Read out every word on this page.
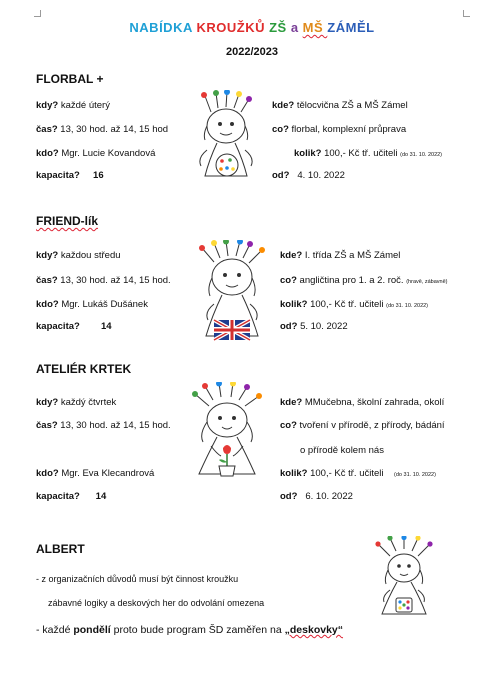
NABÍDKA KROUŽKŮ ZŠ a MŠ ZÁMĚL
2022/2023
FLORBAL +
kdy? každé úterý
čas? 13, 30 hod. až 14, 15 hod
kdo? Mgr. Lucie Kovandová
kapacita? 16
kde? tělocvična ZŠ a MŠ Zámel
co? florbal, komplexní průprava
kolik? 100,- Kč tř. učiteli (do 31. 10. 2022)
od? 4. 10. 2022
FRIEND-lík
kdy? každou středu
čas? 13, 30 hod. až 14, 15 hod.
kdo? Mgr. Lukáš Dušánek
kapacita? 14
kde? I. třída ZŠ a MŠ Zámel
co? angličtina pro 1. a 2. roč. (hravě, zábavně)
kolik? 100,- Kč tř. učiteli (do 31. 10. 2022)
od? 5. 10. 2022
ATELIÉR KRTEK
kdy? každý čtvrtek
čas? 13, 30 hod. až 14, 15 hod.
kdo? Mgr. Eva Klecandrová
kapacita? 14
kde? MMučebna, školní zahrada, okolí
co? tvoření v přírodě, z přírody, bádání
o přírodě kolem nás
kolik? 100,- Kč tř. učiteli (do 31. 10. 2022)
od? 6. 10. 2022
ALBERT
- z organizačních důvodů musí být činnost kroužku
zábavné logiky a deskových her do odvolání omezena
- každé pondělí proto bude program ŠD zaměřen na „deskovky“
